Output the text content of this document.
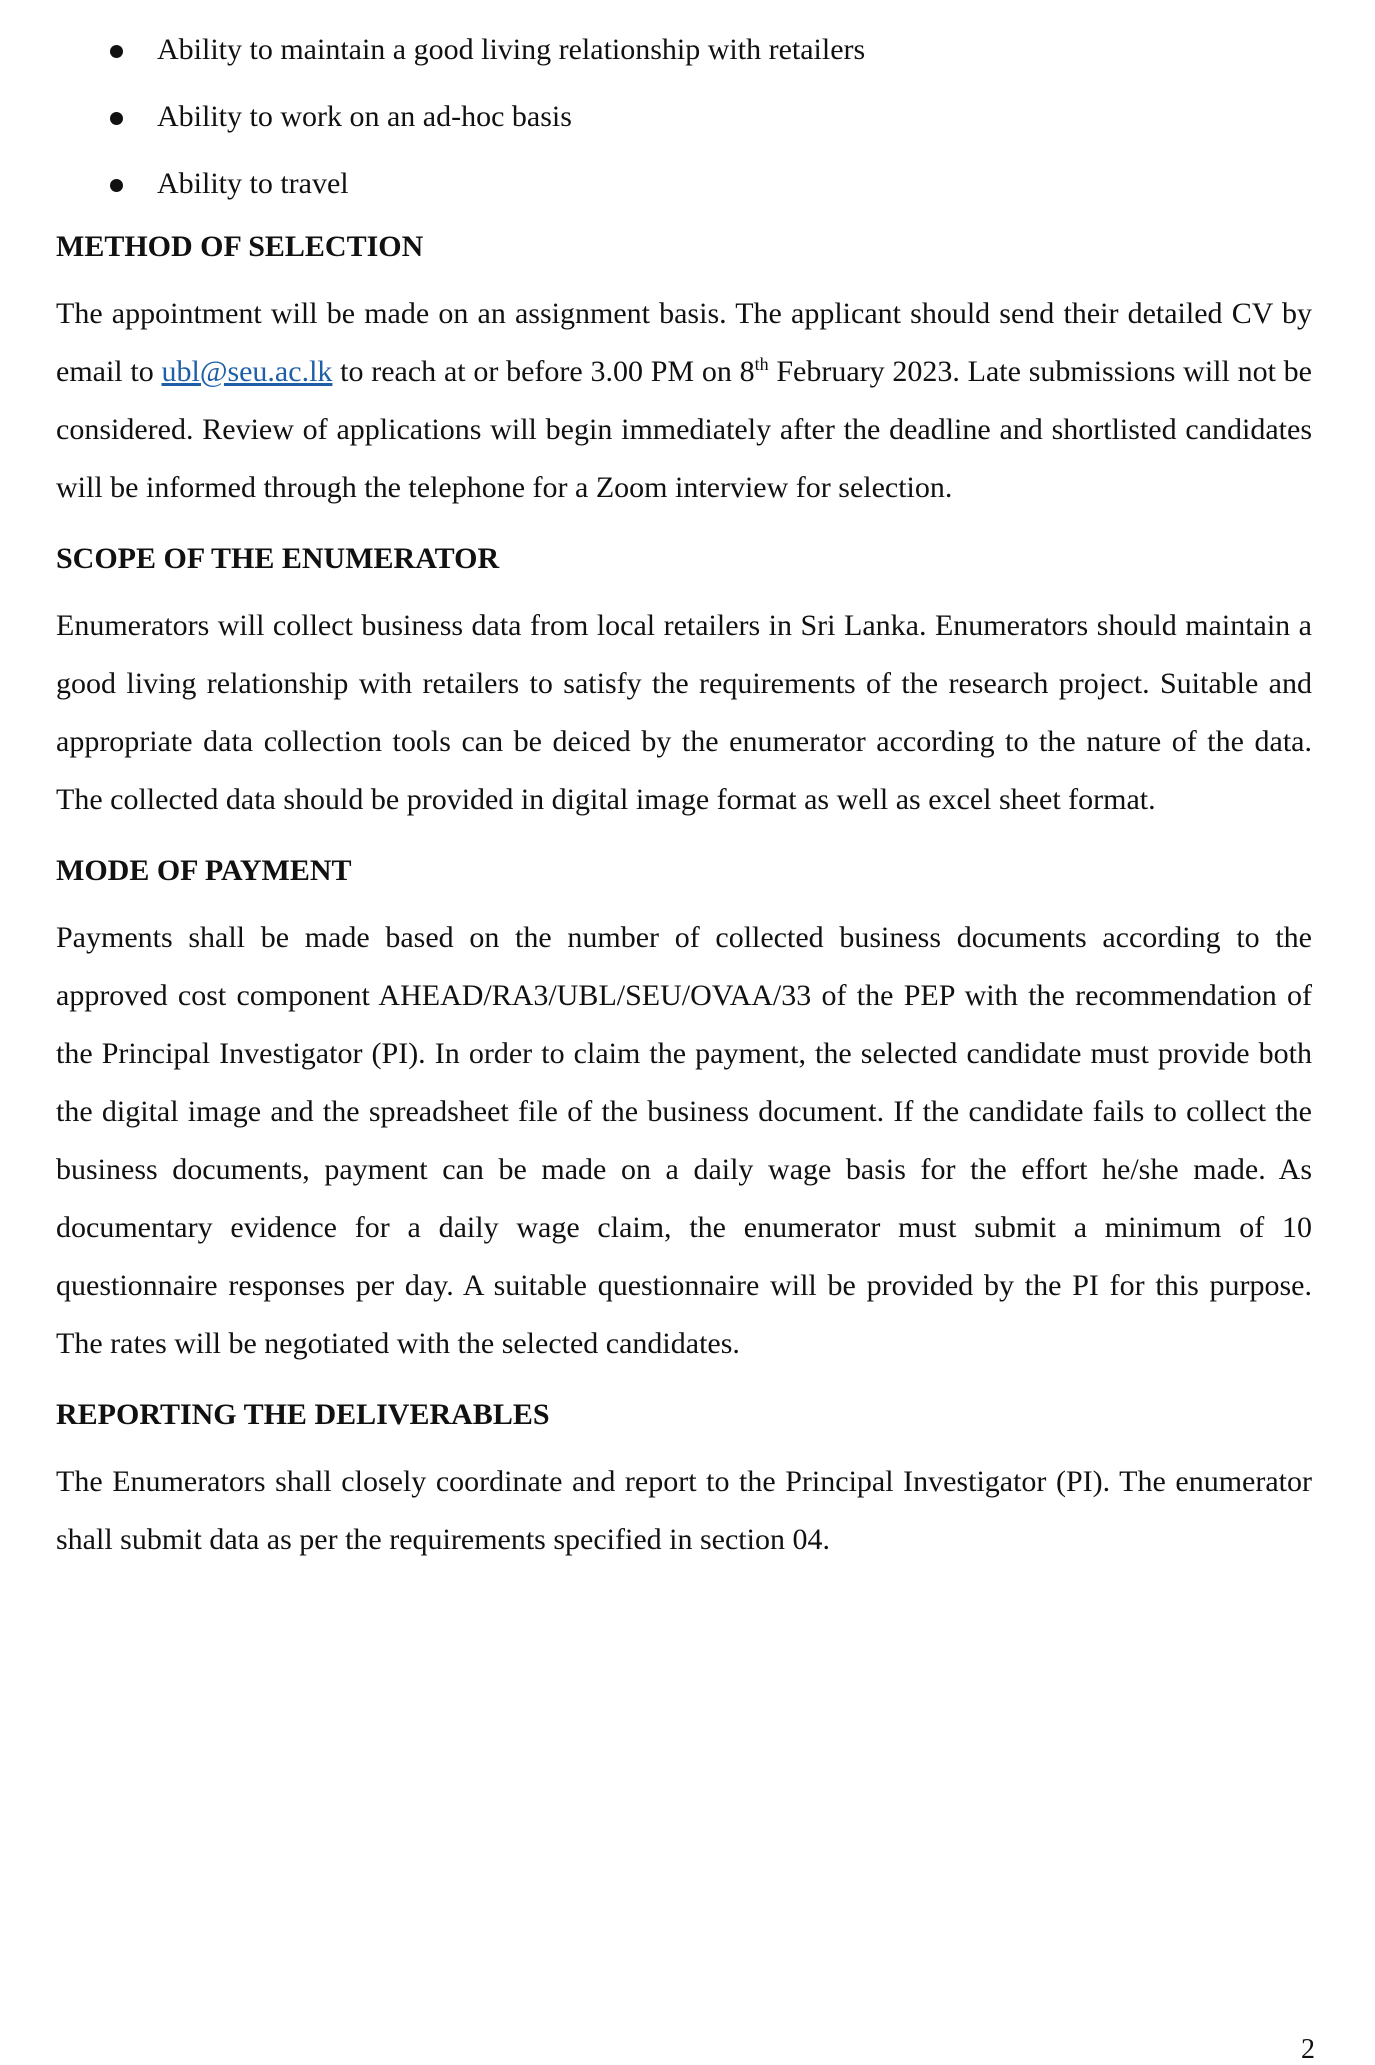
Ability to maintain a good living relationship with retailers
Ability to work on an ad-hoc basis
Ability to travel
METHOD OF SELECTION

The appointment will be made on an assignment basis. The applicant should send their detailed CV by email to ubl@seu.ac.lk to reach at or before 3.00 PM on 8th February 2023. Late submissions will not be considered. Review of applications will begin immediately after the deadline and shortlisted candidates will be informed through the telephone for a Zoom interview for selection.

SCOPE OF THE ENUMERATOR

Enumerators will collect business data from local retailers in Sri Lanka. Enumerators should maintain a good living relationship with retailers to satisfy the requirements of the research project. Suitable and appropriate data collection tools can be deiced by the enumerator according to the nature of the data. The collected data should be provided in digital image format as well as excel sheet format.

MODE OF PAYMENT

Payments shall be made based on the number of collected business documents according to the approved cost component AHEAD/RA3/UBL/SEU/OVAA/33 of the PEP with the recommendation of the Principal Investigator (PI). In order to claim the payment, the selected candidate must provide both the digital image and the spreadsheet file of the business document. If the candidate fails to collect the business documents, payment can be made on a daily wage basis for the effort he/she made. As documentary evidence for a daily wage claim, the enumerator must submit a minimum of 10 questionnaire responses per day. A suitable questionnaire will be provided by the PI for this purpose. The rates will be negotiated with the selected candidates.

REPORTING THE DELIVERABLES

The Enumerators shall closely coordinate and report to the Principal Investigator (PI). The enumerator shall submit data as per the requirements specified in section 04.

2
